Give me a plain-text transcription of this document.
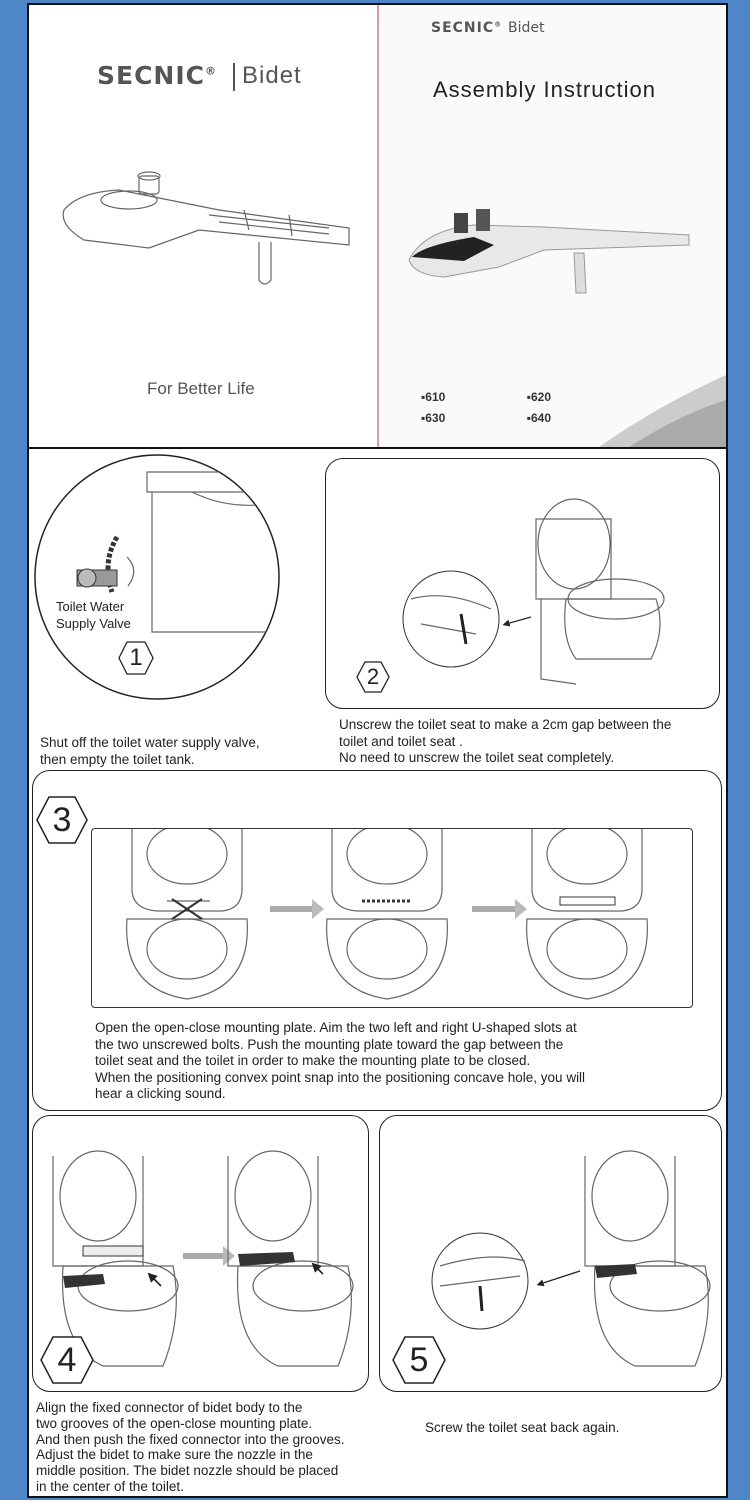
SECNIC® Bidet
For Better Life
SECNIC® Bidet
Assembly Instruction
▪610	▪620
▪630	▪640
Toilet Water Supply Valve
1
Shut off the toilet water supply valve,
then empty the toilet tank.
2
Unscrew the toilet seat to make a 2cm gap between the
toilet and toilet seat .
No need to unscrew the toilet seat completely.
3
Open the open-close mounting plate. Aim the two left and right U-shaped slots at
the two unscrewed bolts. Push the mounting plate toward the gap between the
toilet seat and the toilet in order to make the mounting plate to be closed.
When the positioning convex point snap into the positioning concave hole, you will
hear a clicking sound.
4
Align the fixed connector of bidet body to the
two grooves of the open-close mounting plate.
And then push the fixed connector into the grooves.
Adjust the bidet to make sure the nozzle in the
middle position. The bidet nozzle should be placed
in the center of the toilet.
5
Screw the toilet seat back again.
